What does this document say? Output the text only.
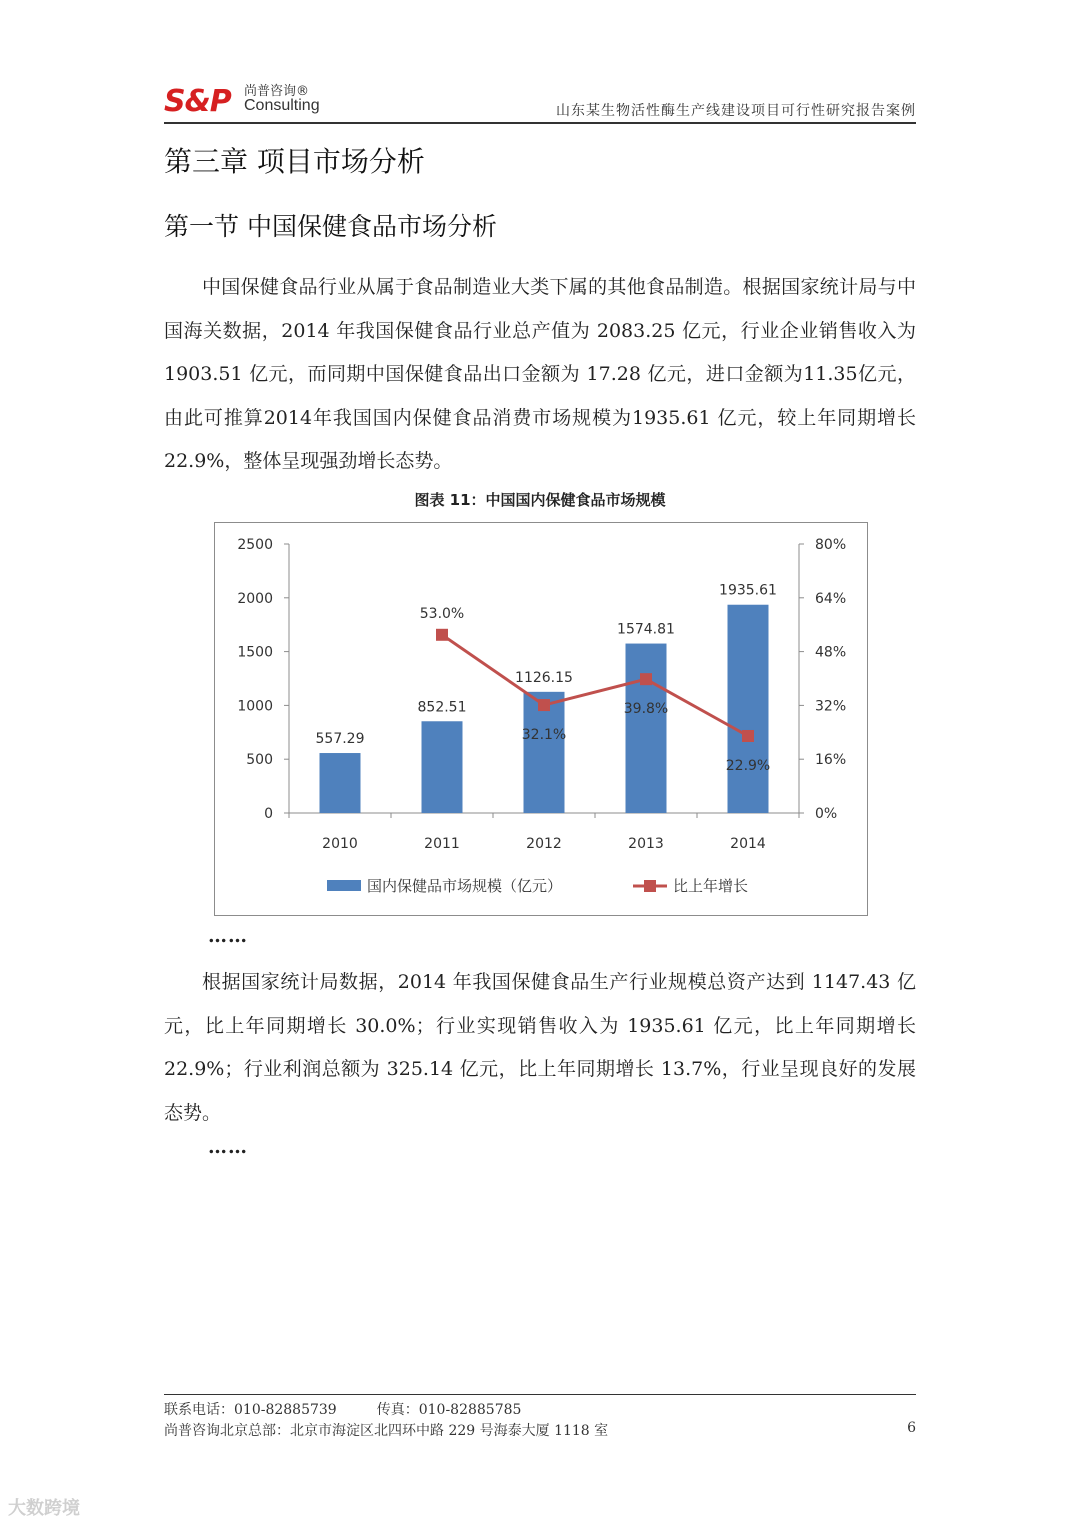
S&P 尚普咨询®
Consulting	山东某生物活性酶生产线建设项目可行性研究报告案例
第三章 项目市场分析
第一节 中国保健食品市场分析

中国保健食品行业从属于食品制造业大类下属的其他食品制造。根据国家统计局与中国海关数据，2014 年我国保健食品行业总产值为 2083.25 亿元，行业企业销售收入为 1903.51 亿元，而同期中国保健食品出口金额为 17.28 亿元，进口金额为11.35亿元，由此可推算2014年我国国内保健食品消费市场规模为1935.61 亿元，较上年同期增长 22.9%，整体呈现强劲增长态势。

图表 11：中国国内保健食品市场规模
0
500
1000
1500
2000
2500
0%
16%
32%
48%
64%
80%
2010	2011	2012	2013	2014
557.29
852.51
1126.15
1574.81
1935.61
53.0%
32.1%
39.8%
22.9%
国内保健品市场规模（亿元）	比上年增长
……

根据国家统计局数据，2014 年我国保健食品生产行业规模总资产达到 1147.43 亿元，比上年同期增长 30.0%；行业实现销售收入为 1935.61 亿元，比上年同期增长 22.9%；行业利润总额为 325.14 亿元，比上年同期增长 13.7%，行业呈现良好的发展态势。

……
联系电话：010-82885739	传真：010-82885785
尚普咨询北京总部：北京市海淀区北四环中路 229 号海泰大厦 1118 室	6
大数跨境
